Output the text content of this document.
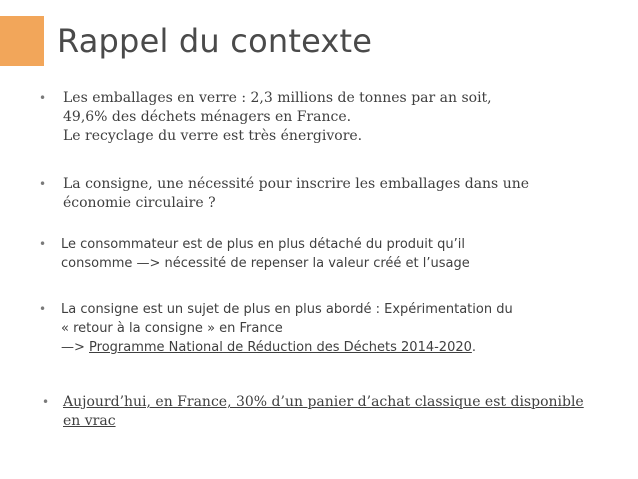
Rappel du contexte
• Les emballages en verre : 2,3 millions de tonnes par an soit,
49,6% des déchets ménagers en France.
Le recyclage du verre est très énergivore.
• La consigne, une nécessité pour inscrire les emballages dans une
économie circulaire ?
• Le consommateur est de plus en plus détaché du produit qu’il
consomme —> nécessité de repenser la valeur créé et l’usage
• La consigne est un sujet de plus en plus abordé : Expérimentation du
« retour à la consigne » en France
—> Programme National de Réduction des Déchets 2014-2020.
• Aujourd’hui, en France, 30% d’un panier d’achat classique est disponible
en vrac
